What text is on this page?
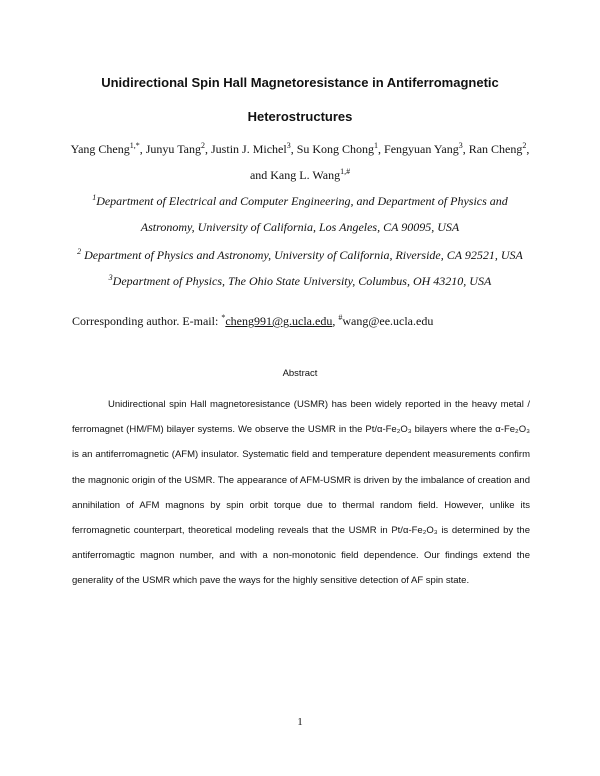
Unidirectional Spin Hall Magnetoresistance in Antiferromagnetic
Heterostructures
Yang Cheng$^{1,*}$, Junyu Tang$^2$, Justin J. Michel$^3$, Su Kong Chong$^1$, Fengyuan Yang$^3$, Ran Cheng$^2$,
and Kang L. Wang$^{1,\#}$
$^1$Department of Electrical and Computer Engineering, and Department of Physics and
Astronomy, University of California, Los Angeles, CA 90095, USA
$^2$ Department of Physics and Astronomy, University of California, Riverside, CA 92521, USA
$^3$Department of Physics, The Ohio State University, Columbus, OH 43210, USA
Corresponding author. E-mail: *cheng991@g.ucla.edu, #wang@ee.ucla.edu
Abstract
Unidirectional spin Hall magnetoresistance (USMR) has been widely reported in the heavy metal / ferromagnet (HM/FM) bilayer systems. We observe the USMR in the Pt/α-Fe₂O₃ bilayers where the α-Fe₂O₃ is an antiferromagnetic (AFM) insulator. Systematic field and temperature dependent measurements confirm the magnonic origin of the USMR. The appearance of AFM-USMR is driven by the imbalance of creation and annihilation of AFM magnons by spin orbit torque due to thermal random field. However, unlike its ferromagnetic counterpart, theoretical modeling reveals that the USMR in Pt/α-Fe₂O₃ is determined by the antiferromagtic magnon number, and with a non-monotonic field dependence. Our findings extend the generality of the USMR which pave the ways for the highly sensitive detection of AF spin state.
1
